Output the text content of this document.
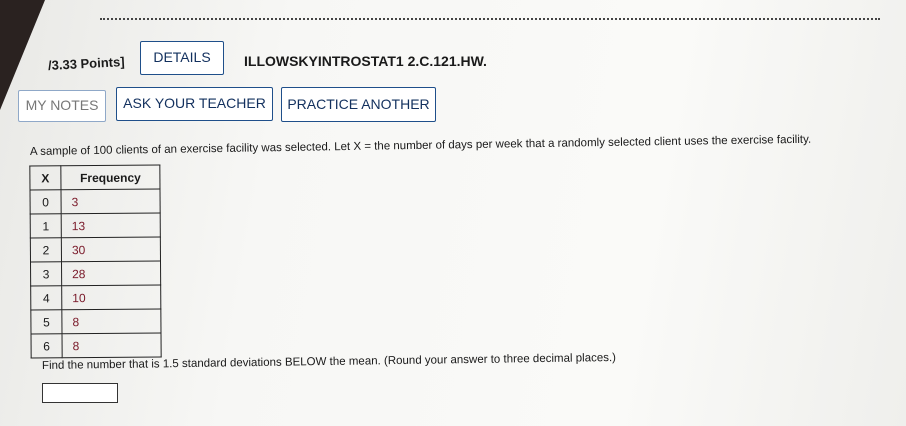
/3.33 Points]	DETAILS	ILLOWSKYINTROSTAT1 2.C.121.HW.
MY NOTES	ASK YOUR TEACHER	PRACTICE ANOTHER
A sample of 100 clients of an exercise facility was selected. Let X = the number of days per week that a randomly selected client uses the exercise facility.
X	Frequency
0	3
1	13
2	30
3	28
4	10
5	8
6	8
Find the number that is 1.5 standard deviations BELOW the mean. (Round your answer to three decimal places.)
